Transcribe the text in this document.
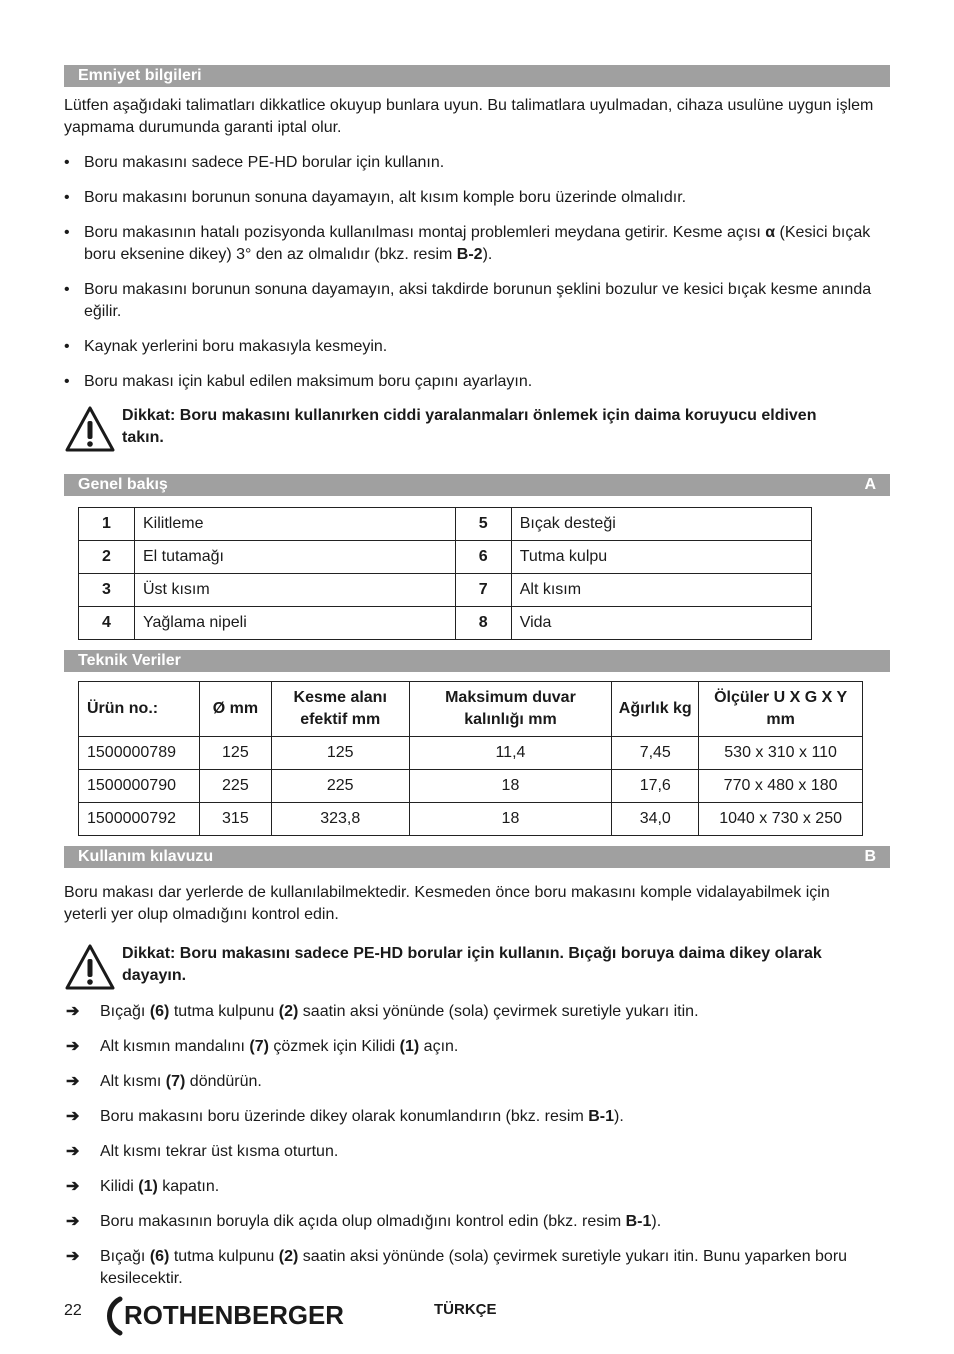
Emniyet bilgileri

Lütfen aşağıdaki talimatları dikkatlice okuyup bunlara uyun. Bu talimatlara uyulmadan, cihaza usulüne uygun işlem yapmama durumunda garanti iptal olur.

• Boru makasını sadece PE-HD borular için kullanın.
• Boru makasını borunun sonuna dayamayın, alt kısım komple boru üzerinde olmalıdır.
• Boru makasının hatalı pozisyonda kullanılması montaj problemleri meydana getirir. Kesme açısı α (Kesici bıçak boru eksenine dikey) 3° den az olmalıdır (bkz. resim B-2).
• Boru makasını borunun sonuna dayamayın, aksi takdirde borunun şeklini bozulur ve kesici bıçak kesme anında eğilir.
• Kaynak yerlerini boru makasıyla kesmeyin.
• Boru makası için kabul edilen maksimum boru çapını ayarlayın.
Dikkat: Boru makasını kullanırken ciddi yaralanmaları önlemek için daima koruyucu eldiven takın.
Genel bakış	A
1	Kilitleme	5	Bıçak desteği
2	El tutamağı	6	Tutma kulpu
3	Üst kısım	7	Alt kısım
4	Yağlama nipeli	8	Vida
Teknik Veriler
Ürün no.:	Ø mm	Kesme alanı efektif mm	Maksimum duvar kalınlığı mm	Ağırlık kg	Ölçüler U X G X Y mm
1500000789	125	125	11,4	7,45	530 x 310 x 110
1500000790	225	225	18	17,6	770 x 480 x 180
1500000792	315	323,8	18	34,0	1040 x 730 x 250
Kullanım kılavuzu	B

Boru makası dar yerlerde de kullanılabilmektedir. Kesmeden önce boru makasını komple vidalayabilmek için yeterli yer olup olmadığını kontrol edin.

Dikkat: Boru makasını sadece PE-HD borular için kullanın. Bıçağı boruya daima dikey olarak dayayın.
➔ Bıçağı (6) tutma kulpunu (2) saatin aksi yönünde (sola) çevirmek suretiyle yukarı itin.
➔ Alt kısmın mandalını (7) çözmek için Kilidi (1) açın.
➔ Alt kısmı (7) döndürün.
➔ Boru makasını boru üzerinde dikey olarak konumlandırın (bkz. resim B-1).
➔ Alt kısmı tekrar üst kısma oturtun.
➔ Kilidi (1) kapatın.
➔ Boru makasının boruyla dik açıda olup olmadığını kontrol edin (bkz. resim B-1).
➔ Bıçağı (6) tutma kulpunu (2) saatin aksi yönünde (sola) çevirmek suretiyle yukarı itin. Bunu yaparken boru kesilecektir.
22 ROTHENBERGER	TÜRKÇE
